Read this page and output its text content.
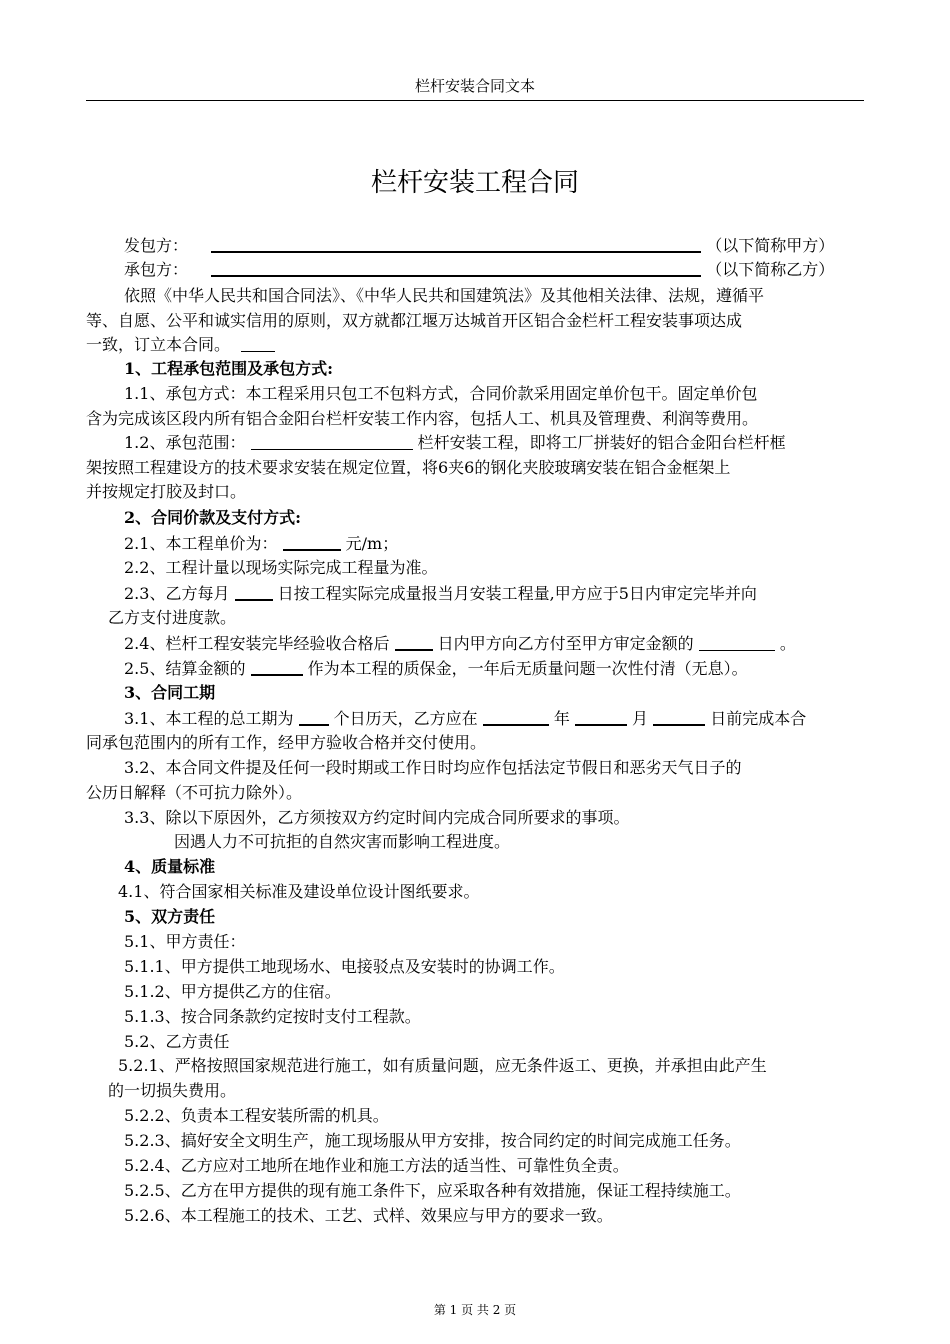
栏杆安装合同文本
栏杆安装工程合同
发包方：	（以下简称甲方）
承包方：	（以下简称乙方）
依照《中华人民共和国合同法》、《中华人民共和国建筑法》及其他相关法律、法规，遵循平
等、自愿、公平和诚实信用的原则，双方就都江堰万达城首开区铝合金栏杆工程安装事项达成
一致，订立本合同。
1、工程承包范围及承包方式:
1.1、承包方式：本工程采用只包工不包料方式，合同价款采用固定单价包干。固定单价包
含为完成该区段内所有铝合金阳台栏杆安装工作内容，包括人工、机具及管理费、利润等费用。
1.2、承包范围：	栏杆安装工程，即将工厂拼装好的铝合金阳台栏杆框
架按照工程建设方的技术要求安装在规定位置，将6夹6的钢化夹胶玻璃安装在铝合金框架上
并按规定打胶及封口。
2、合同价款及支付方式:
2.1、本工程单价为：	元/m；
2.2、工程计量以现场实际完成工程量为准。
2.3、乙方每月	日按工程实际完成量报当月安装工程量,甲方应于5日内审定完毕并向
乙方支付进度款。
2.4、栏杆工程安装完毕经验收合格后	日内甲方向乙方付至甲方审定金额的	。
2.5、结算金额的	作为本工程的质保金，一年后无质量问题一次性付清（无息）。
3、合同工期
3.1、本工程的总工期为	个日历天，乙方应在	年	月	日前完成本合
同承包范围内的所有工作，经甲方验收合格并交付使用。
3.2、本合同文件提及任何一段时期或工作日时均应作包括法定节假日和恶劣天气日子的
公历日解释（不可抗力除外）。
3.3、除以下原因外，乙方须按双方约定时间内完成合同所要求的事项。
因遇人力不可抗拒的自然灾害而影响工程进度。
4、质量标准
4.1、符合国家相关标准及建设单位设计图纸要求。
5、双方责任
5.1、甲方责任：
5.1.1、甲方提供工地现场水、电接驳点及安装时的协调工作。
5.1.2、甲方提供乙方的住宿。
5.1.3、按合同条款约定按时支付工程款。
5.2、乙方责任
5.2.1、严格按照国家规范进行施工，如有质量问题，应无条件返工、更换，并承担由此产生
的一切损失费用。
5.2.2、负责本工程安装所需的机具。
5.2.3、搞好安全文明生产，施工现场服从甲方安排，按合同约定的时间完成施工任务。
5.2.4、乙方应对工地所在地作业和施工方法的适当性、可靠性负全责。
5.2.5、乙方在甲方提供的现有施工条件下，应采取各种有效措施，保证工程持续施工。
5.2.6、本工程施工的技术、工艺、式样、效果应与甲方的要求一致。
第 1 页 共 2 页
